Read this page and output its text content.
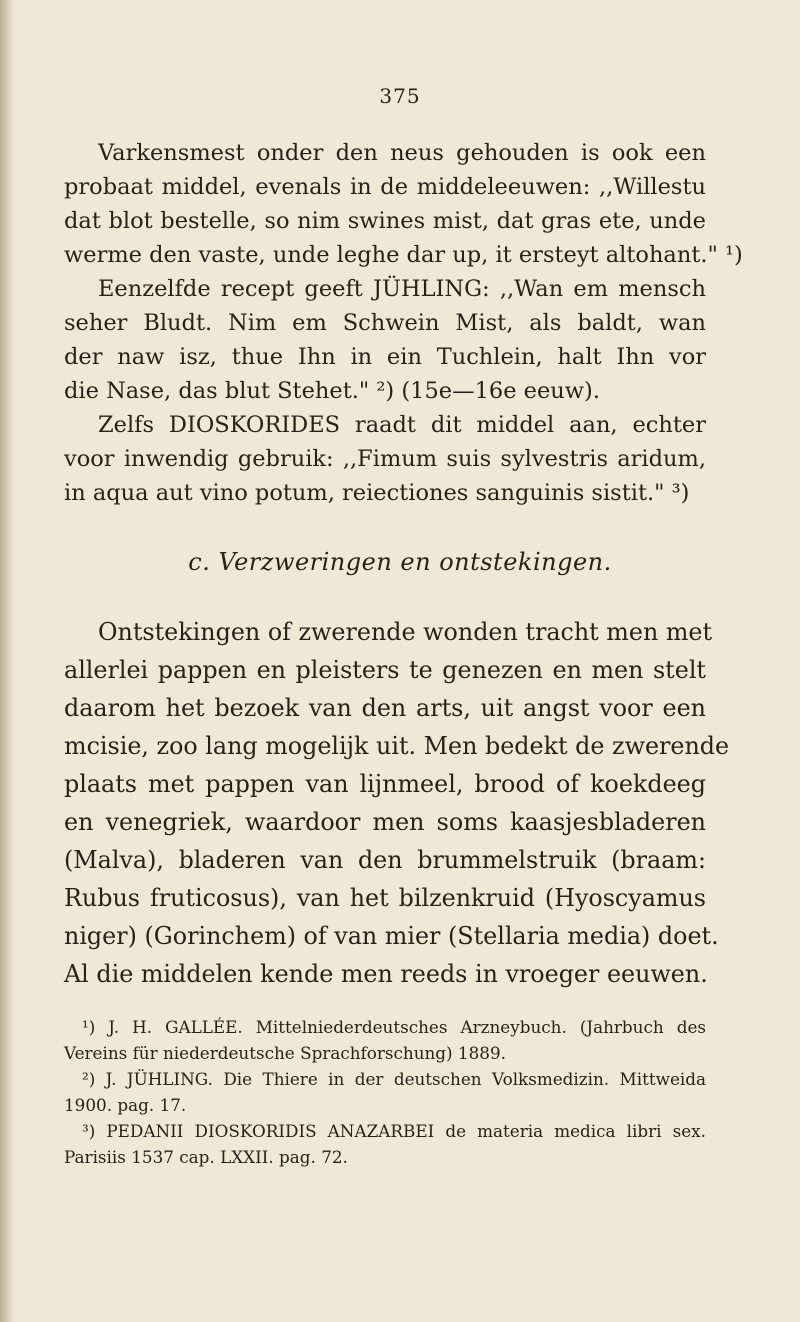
375
Varkensmest onder den neus gehouden is ook een
probaat middel, evenals in de middeleeuwen: ,,Willestu
dat blot bestelle, so nim swines mist, dat gras ete, unde
werme den vaste, unde leghe dar up, it ersteyt altohant." ¹)
Eenzelfde recept geeft JÜHLING: ,,Wan em mensch
seher Bludt. Nim em Schwein Mist, als baldt, wan
der naw isz, thue Ihn in ein Tuchlein, halt Ihn vor
die Nase, das blut Stehet." ²) (15e—16e eeuw).
Zelfs DIOSKORIDES raadt dit middel aan, echter
voor inwendig gebruik: ,,Fimum suis sylvestris aridum,
in aqua aut vino potum, reiectiones sanguinis sistit." ³)
c. Verzweringen en ontstekingen.
Ontstekingen of zwerende wonden tracht men met
allerlei pappen en pleisters te genezen en men stelt
daarom het bezoek van den arts, uit angst voor een
mcisie, zoo lang mogelijk uit. Men bedekt de zwerende
plaats met pappen van lijnmeel, brood of koekdeeg
en venegriek, waardoor men soms kaasjesbladeren
(Malva), bladeren van den brummelstruik (braam:
Rubus fruticosus), van het bilzenkruid (Hyoscyamus
niger) (Gorinchem) of van mier (Stellaria media) doet.
Al die middelen kende men reeds in vroeger eeuwen.
¹) J. H. GALLÉE. Mittelniederdeutsches Arzneybuch. (Jahrbuch des
Vereins für niederdeutsche Sprachforschung) 1889.
²) J. JÜHLING. Die Thiere in der deutschen Volksmedizin. Mittweida
1900. pag. 17.
³) PEDANII DIOSKORIDIS ANAZARBEI de materia medica libri sex.
Parisiis 1537 cap. LXXII. pag. 72.
